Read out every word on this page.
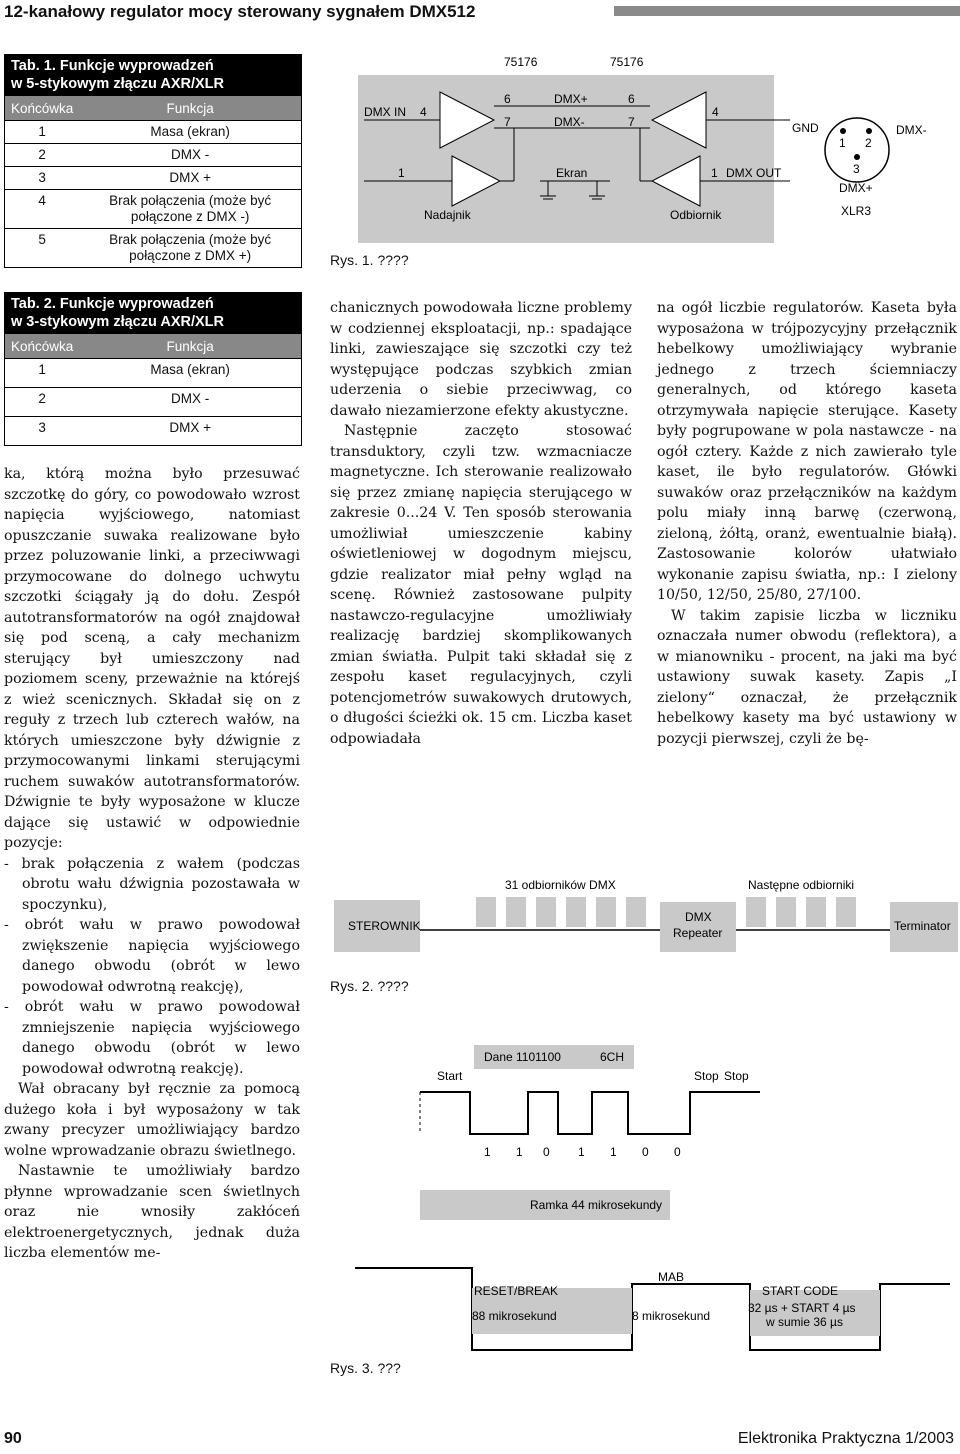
12-kanałowy regulator mocy sterowany sygnałem DMX512
Tab. 1. Funkcje wyprowadzeń
w 5-stykowym złączu AXR/XLR
Końcówka	Funkcja
1	Masa (ekran)
2	DMX -
3	DMX +
4	Brak połączenia (może być połączone z DMX -)
5	Brak połączenia (może być połączone z DMX +)
75176	75176
DMX IN 4
6
7
DMX+
DMX-
6
7
4
1	Ekran	1 DMX OUT
Nadajnik	Odbiornik
GND
1 2
3
DMX-
DMX+
XLR3
Rys. 1. ????
Tab. 2. Funkcje wyprowadzeń
w 3-stykowym złączu AXR/XLR
Końcówka	Funkcja
1	Masa (ekran)
2	DMX -
3	DMX +

ka, którą można było przesuwać szczotkę do góry, co powodowało wzrost napięcia wyjściowego, natomiast opuszczanie suwaka realizowane było przez poluzowanie linki, a przeciwwagi przymocowane do dolnego uchwytu szczotki ściągały ją do dołu. Zespół autotransformatorów na ogół znajdował się pod sceną, a cały mechanizm sterujący był umieszczony nad poziomem sceny, przeważnie na którejś z wież scenicznych. Składał się on z reguły z trzech lub czterech wałów, na których umieszczone były dźwignie z przymocowanymi linkami sterującymi ruchem suwaków autotransformatorów. Dźwignie te były wyposażone w klucze dające się ustawić w odpowiednie pozycje:

- brak połączenia z wałem (podczas obrotu wału dźwignia pozostawała w spoczynku),

- obrót wału w prawo powodował zwiększenie napięcia wyjściowego danego obwodu (obrót w lewo powodował odwrotną reakcję),

- obrót wału w prawo powodował zmniejszenie napięcia wyjściowego danego obwodu (obrót w lewo powodował odwrotną reakcję).

Wał obracany był ręcznie za pomocą dużego koła i był wyposażony w tak zwany precyzer umożliwiający bardzo wolne wprowadzanie obrazu świetlnego.

Nastawnie te umożliwiały bardzo płynne wprowadzanie scen świetlnych oraz nie wnosiły zakłóceń elektroenergetycznych, jednak duża liczba elementów me-

chanicznych powodowała liczne problemy w codziennej eksploatacji, np.: spadające linki, zawieszające się szczotki czy też występujące podczas szybkich zmian uderzenia o siebie przeciwwag, co dawało niezamierzone efekty akustyczne.

Następnie zaczęto stosować transduktory, czyli tzw. wzmacniacze magnetyczne. Ich sterowanie realizowało się przez zmianę napięcia sterującego w zakresie 0...24 V. Ten sposób sterowania umożliwiał umieszczenie kabiny oświetleniowej w dogodnym miejscu, gdzie realizator miał pełny wgląd na scenę. Również zastosowane pulpity nastawczo-regulacyjne umożliwiały realizację bardziej skomplikowanych zmian światła. Pulpit taki składał się z zespołu kaset regulacyjnych, czyli potencjometrów suwakowych drutowych, o długości ścieżki ok. 15 cm. Liczba kaset odpowiadała

na ogół liczbie regulatorów. Kaseta była wyposażona w trójpozycyjny przełącznik hebelkowy umożliwiający wybranie jednego z trzech ściemniaczy generalnych, od którego kaseta otrzymywała napięcie sterujące. Kasety były pogrupowane w pola nastawcze - na ogół cztery. Każde z nich zawierało tyle kaset, ile było regulatorów. Główki suwaków oraz przełączników na każdym polu miały inną barwę (czerwoną, zieloną, żółtą, oranż, ewentualnie białą). Zastosowanie kolorów ułatwiało wykonanie zapisu światła, np.: I zielony 10/50, 12/50, 25/80, 27/100.

W takim zapisie liczba w liczniku oznaczała numer obwodu (reflektora), a w mianowniku - procent, na jaki ma być ustawiony suwak kasety. Zapis „I zielony“ oznaczał, że przełącznik hebelkowy kasety ma być ustawiony w pozycji pierwszej, czyli że bę-

31 odbiorników DMX	Następne odbiorniki
STEROWNIK
DMX
Repeater	Terminator
Rys. 2. ????
Dane 1101100	6CH
Start	Stop Stop
1 1 0 1 1 0 0
Ramka 44 mikrosekundy
MAB
RESET/BREAK
88 mikrosekund	8 mikrosekund
START CODE
32 µs + START 4 µs
w sumie 36 µs
Rys. 3. ???
90	Elektronika Praktyczna 1/2003
